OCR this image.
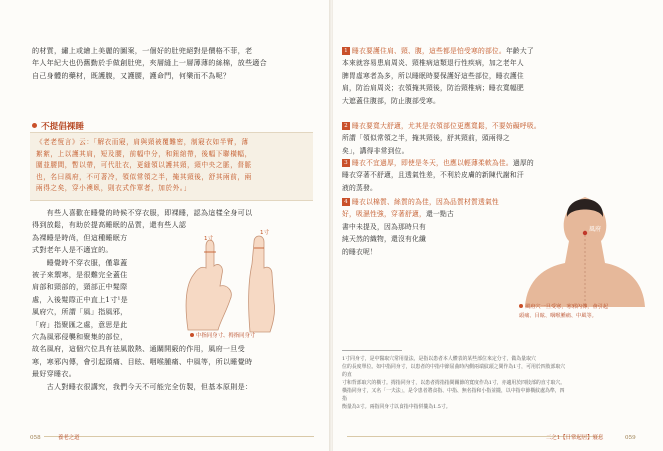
的材質，繡上或繪上美麗的圖案，一個好的肚兜絕對是價格不菲，老
年人年紀大也仍舊勤於手做創肚兜，夾層縫上一層薄薄的絲棉，放些適合
自己身體的藥材，既護腹，又護腰，護命門，何樂而不為呢？
不提倡裸睡
《老老恆言》云：「解衣而寢，肩與頸被覆難密，制寢衣如半臂，薄
絮絮，上以護其肩，短及腰，前幅中分，和鈕綰帶，後幅下聯橫幅，
圍並腰間，暫以帶，可代肚衣，更縫領以護其頸，頸中央之脈，督脈
也，名曰風府，不可著冷，領似常領之半，掩其頸後，舒其兩前，兩
兩得之矣，穿小襖臥，則衣式作單者，加於外。」
　　有些人喜歡在睡覺的時候不穿衣服，即裸睡，認為這樣全身可以
得到放鬆，有助於提高睡眠的品質，還有些人認
為裸睡是時尚，但這種睡眠方
式對老年人是不適宜的。
　　睡覺時不穿衣服，僅靠蓋
被子來禦寒，是很難完全蓋住
肩部和頸部的，頸部正中髮際
處，入後髮際正中直上1寸¹是
風府穴，所謂「風」指風邪，
「府」指聚匯之處，意思是此
穴為風邪侵襲和聚集的部位，
故名風府，這個穴位具有祛風散熱、通關開竅的作用，風府一旦受
寒，寒邪內傳，會引起頭痛、目眩、咽喉腫痛、中風等，所以睡覺時
最好穿睡衣。
　　古人對睡衣很講究，我們今天不可能完全仿製，但基本原則是：
1寸
1寸
中指同身寸、拇指同身寸
058	養老之道
1 睡衣要護住肩、頸、腹，這些都是怕受寒的部位。年齡大了
本來就容易患肩周炎、頸椎病這類退行性疾病，加之老年人
脾胃虛寒者為多，所以睡眠時要保護好這些部位，睡衣護住
肩，防治肩周炎；衣領掩其頸後，防治頸椎病；睡衣寬幅肥
大遮蓋住腹部，防止腹部受寒。
2 睡衣要寬大舒適，尤其是衣領部位更應寬鬆，不要妨礙呼吸。所謂「領似常領之半，掩其頸後，舒其頸前，頭兩得之
矣」，講得非常到位。
3 睡衣不宜過厚，即使是冬天，也應以輕薄柔軟為佳。過厚的
睡衣穿著不舒適，且透氣性差，不利於皮膚的新陳代謝和汗
液的蒸發。
4 睡衣以棉質、絲質的為佳，因為品質材質透氣性好，吸濕性強，穿著舒適，還一點古
書中未提及，因為那時只有
純天然的織物，還沒有化纖
的睡衣呢！
風府

風府穴一旦受寒，寒邪內傳，會引起
頭痛、目眩、咽喉腫痛、中風等。

1寸同身寸，是中醫取穴常用量法，是指以患者本人體表的某些部位來定分寸，做為量取穴
位的長度單位。如中指同身寸，以患者的中指中節屈曲時內側兩端紋頭之間作為1寸，可用於四肢部取穴的直
寸和背部取穴的橫寸。拇指同身寸，以患者拇指指間關節的寬度作為1寸，亦適用於四肢部的直寸取穴。
橫指同身寸，又名「一夫法」，是令患者將食指、中指、無名指和小指並攏，以中指中節橫紋處為準，四指
衡量為3寸。兩指同身寸以食指中指併攏為1.5寸。
二之1【日常起居】寢息	059
